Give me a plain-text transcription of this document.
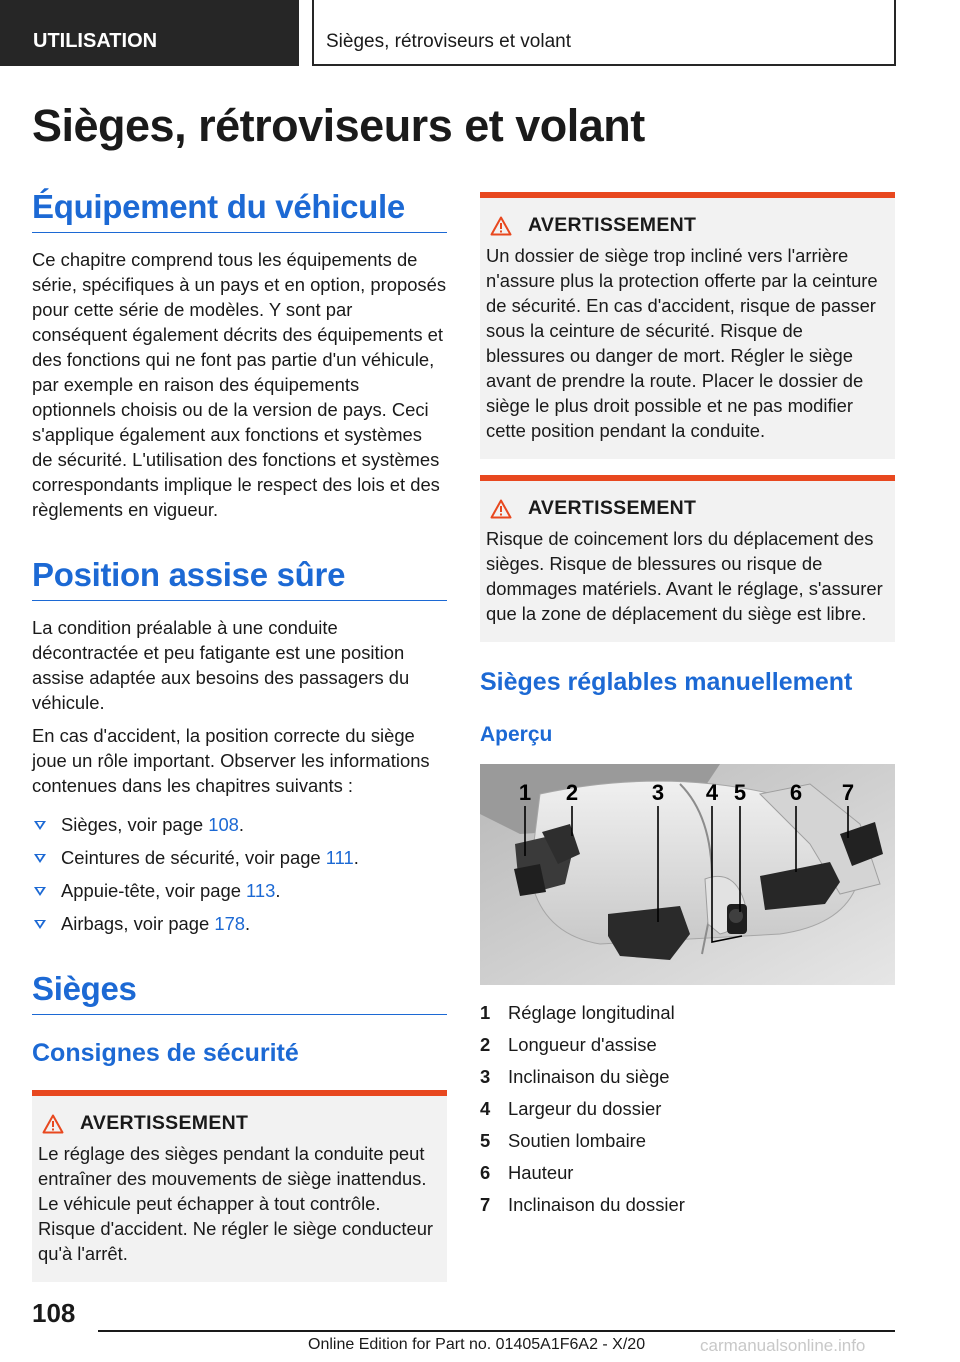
UTILISATION	Sièges, rétroviseurs et volant
Sièges, rétroviseurs et volant
Équipement du véhicule

Ce chapitre comprend tous les équipements de série, spécifiques à un pays et en option, proposés pour cette série de modèles. Y sont par conséquent également décrits des équipements et des fonctions qui ne font pas partie d'un véhicule, par exemple en raison des équipements optionnels choisis ou de la version de pays. Ceci s'applique également aux fonctions et systèmes de sécurité. L'utilisation des fonctions et systèmes correspondants implique le respect des lois et des règlements en vigueur.

Position assise sûre

La condition préalable à une conduite décontractée et peu fatigante est une position assise adaptée aux besoins des passagers du véhicule.

En cas d'accident, la position correcte du siège joue un rôle important. Observer les informations contenues dans les chapitres suivants :

Sièges, voir page 108.
Ceintures de sécurité, voir page 111.
Appuie-tête, voir page 113.
Airbags, voir page 178.
Sièges
Consignes de sécurité
AVERTISSEMENT
Le réglage des sièges pendant la conduite peut entraîner des mouvements de siège inattendus. Le véhicule peut échapper à tout contrôle. Risque d'accident. Ne régler le siège conducteur qu'à l'arrêt.
AVERTISSEMENT
Un dossier de siège trop incliné vers l'arrière n'assure plus la protection offerte par la ceinture de sécurité. En cas d'accident, risque de passer sous la ceinture de sécurité. Risque de blessures ou danger de mort. Régler le siège avant de prendre la route. Placer le dossier de siège le plus droit possible et ne pas modifier cette position pendant la conduite.
AVERTISSEMENT
Risque de coincement lors du déplacement des sièges. Risque de blessures ou risque de dommages matériels. Avant le réglage, s'assurer que la zone de déplacement du siège est libre.
Sièges réglables manuellement
Aperçu
1 2	3 4 5 6 7
1 Réglage longitudinal
2 Longueur d'assise
3 Inclinaison du siège
4 Largeur du dossier
5 Soutien lombaire
6 Hauteur
7 Inclinaison du dossier
108
Online Edition for Part no. 01405A1F6A2 - X/20	carmanualsonline.info
